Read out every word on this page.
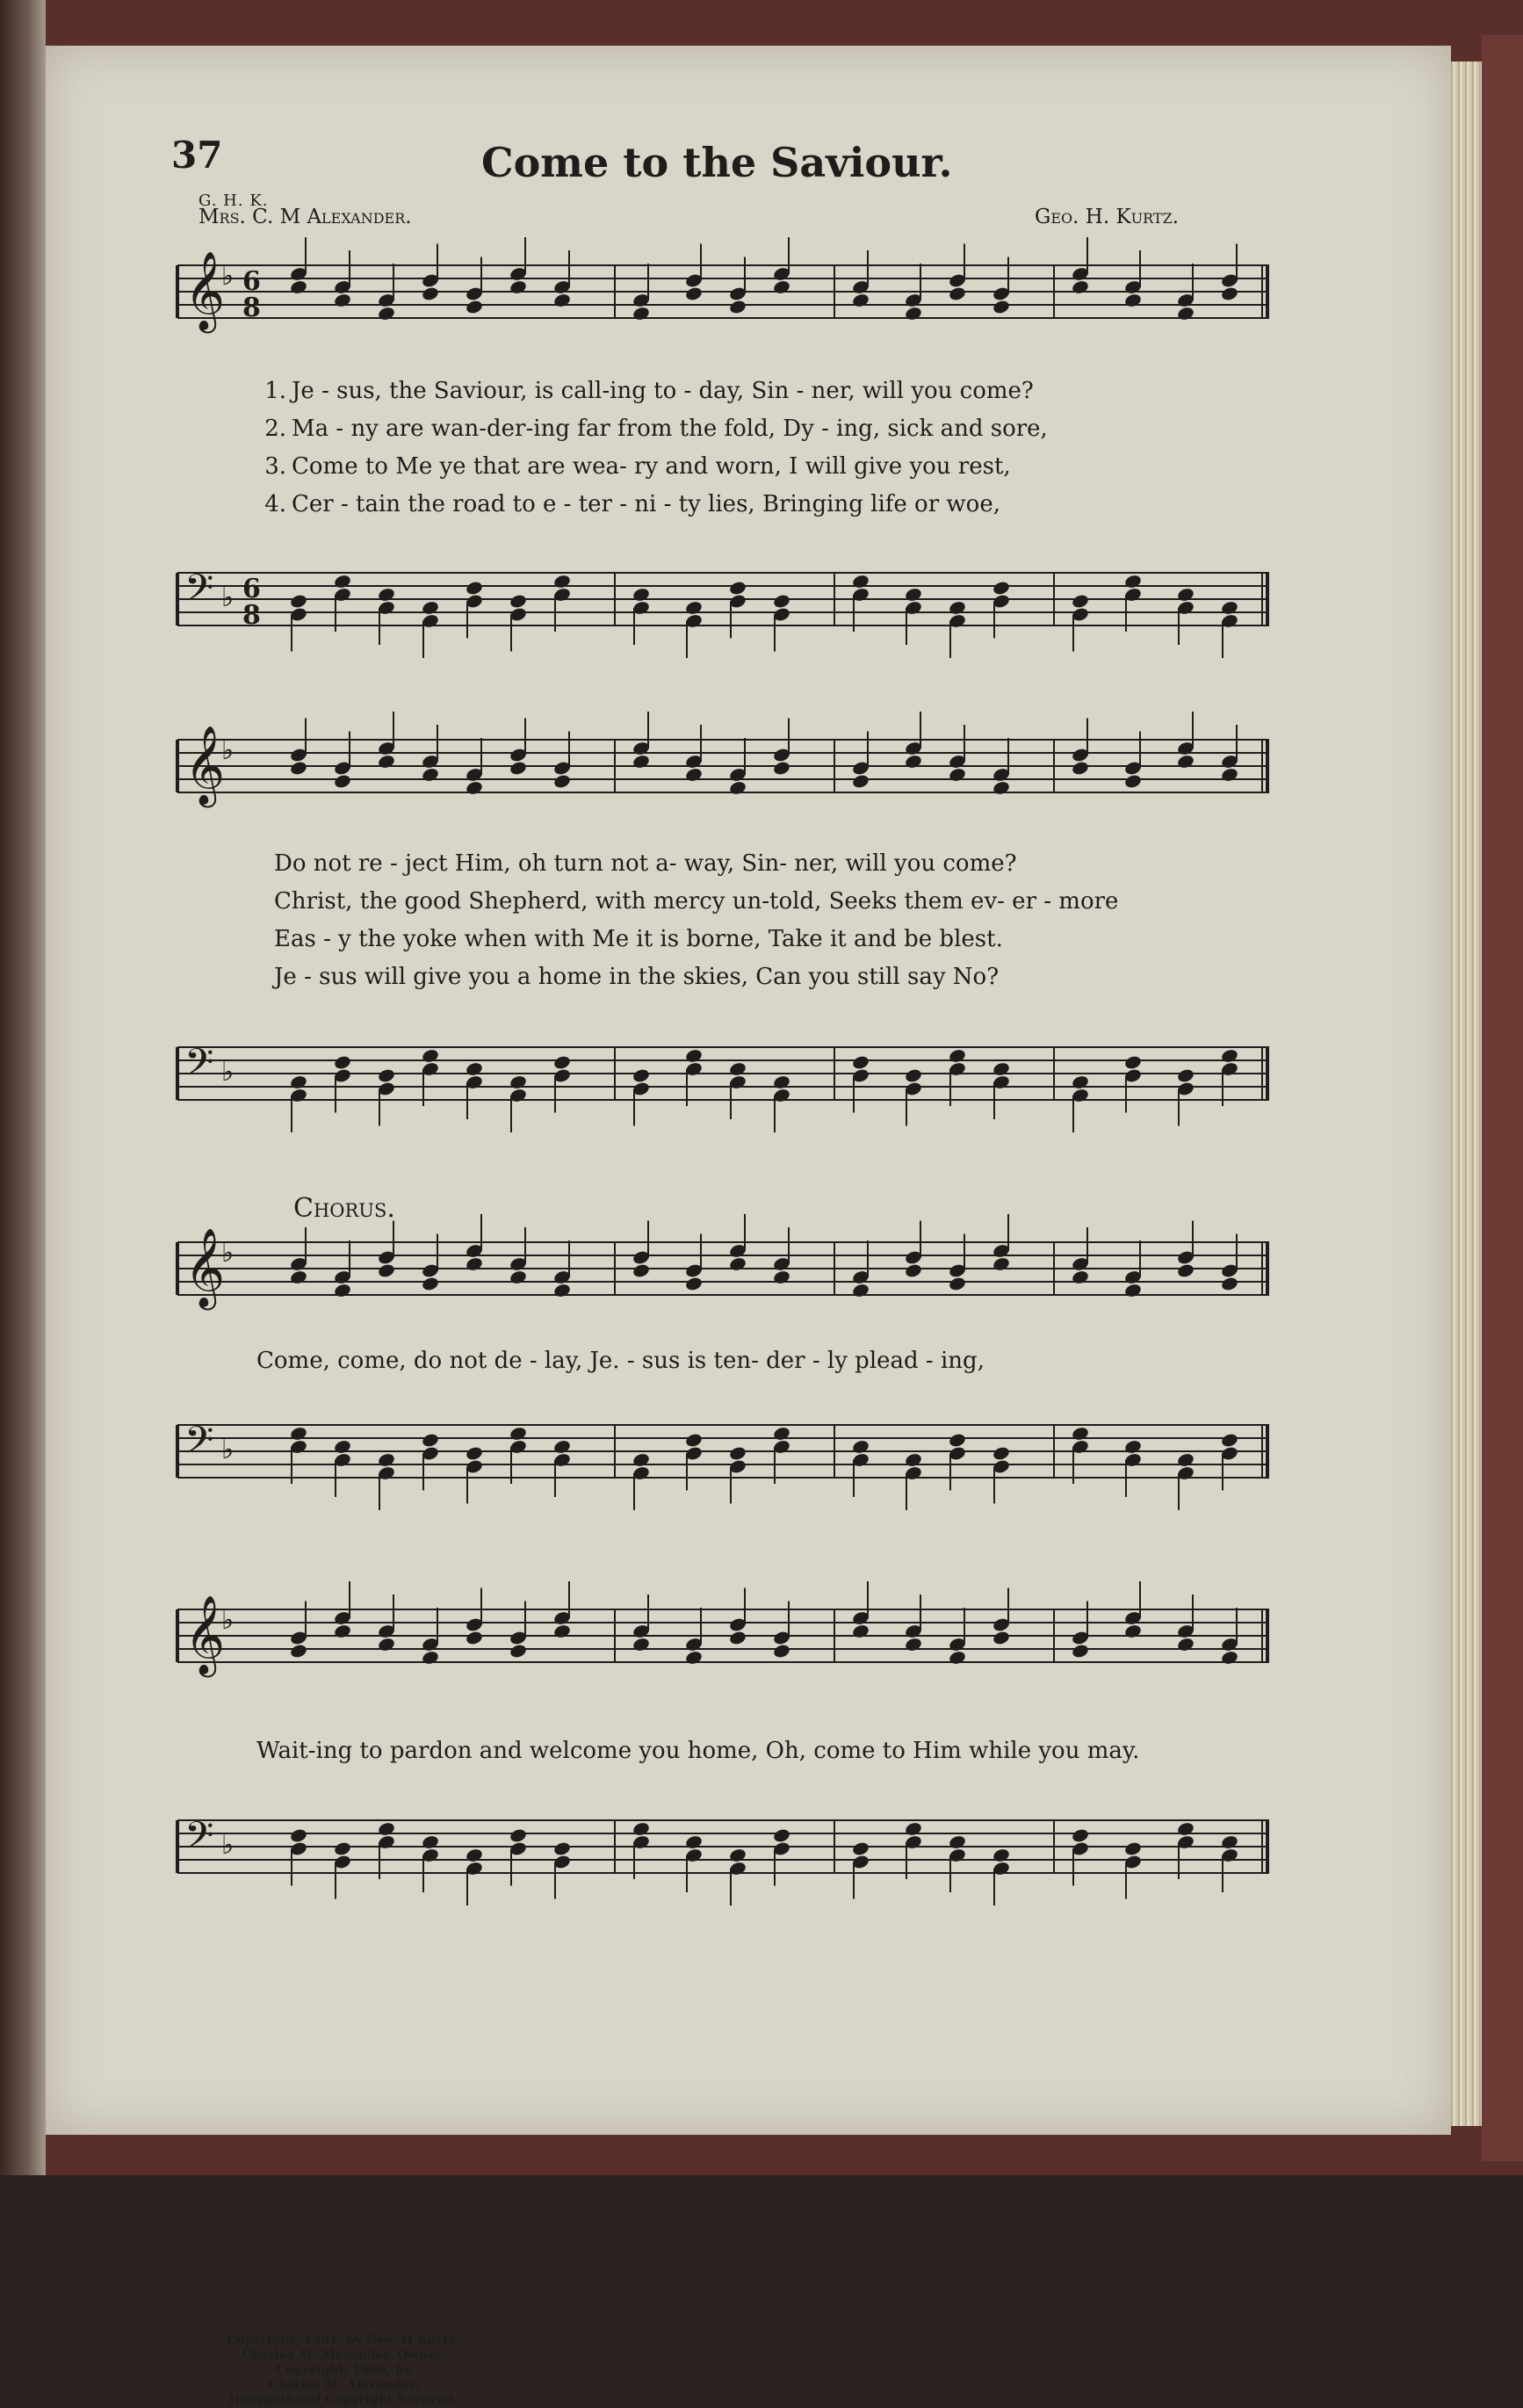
37	Come to the Saviour.
G. H. K.
Mrs. C. M Alexander.	Geo. H. Kurtz.
𝄞
♭ 6
8
1. Je - sus, the Saviour, is call-ing to - day, Sin - ner, will you come?
2. Ma - ny are wan-der-ing far from the fold, Dy - ing, sick and sore,
3. Come to Me ye that are wea- ry and worn, I will give you rest,
4. Cer - tain the road to e - ter - ni - ty lies, Bringing life or woe,
𝄢 ♭ 6
8
𝄞
♭
Do not re - ject Him, oh turn not a- way, Sin- ner, will you come?
Christ, the good Shepherd, with mercy un-told, Seeks them ev- er - more
Eas - y the yoke when with Me it is borne, Take it and be blest.
Je - sus will give you a home in the skies, Can you still say No?
𝄢 ♭
Chorus.
𝄞
♭
Come, come, do not de - lay, Je. - sus is ten- der - ly plead - ing,
𝄢 ♭
𝄞
♭
Wait-ing to pardon and welcome you home, Oh, come to Him while you may.
𝄢 ♭
Copyright, 1901, by Geo. H Kurtz.
Charles M. Alexander. Owner.
Copyright, 1908, by
Charles M. Alexander,
International Copyright Secured.
